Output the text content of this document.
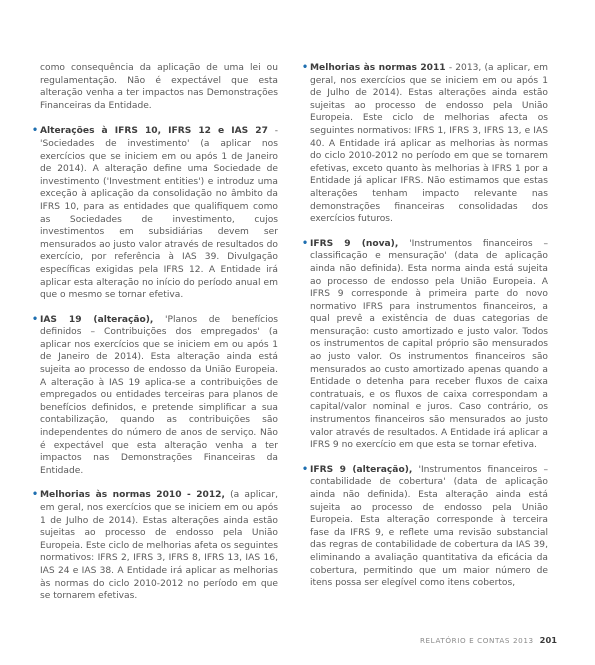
como consequência da aplicação de uma lei ou regulamentação. Não é expectável que esta alteração venha a ter impactos nas Demonstrações Financeiras da Entidade.

• Alterações à IFRS 10, IFRS 12 e IAS 27 - 'Sociedades de investimento' (a aplicar nos exercícios que se iniciem em ou após 1 de Janeiro de 2014). A alteração define uma Sociedade de investimento ('Investment entities') e introduz uma exceção à aplicação da consolidação no âmbito da IFRS 10, para as entidades que qualifiquem como as Sociedades de investimento, cujos investimentos em subsidiárias devem ser mensurados ao justo valor através de resultados do exercício, por referência à IAS 39. Divulgação específicas exigidas pela IFRS 12. A Entidade irá aplicar esta alteração no início do período anual em que o mesmo se tornar efetiva.

• IAS 19 (alteração), 'Planos de benefícios definidos – Contribuições dos empregados' (a aplicar nos exercícios que se iniciem em ou após 1 de Janeiro de 2014). Esta alteração ainda está sujeita ao processo de endosso da União Europeia. A alteração à IAS 19 aplica-se a contribuições de empregados ou entidades terceiras para planos de benefícios definidos, e pretende simplificar a sua contabilização, quando as contribuições são independentes do número de anos de serviço. Não é expectável que esta alteração venha a ter impactos nas Demonstrações Financeiras da Entidade.

• Melhorias às normas 2010 - 2012, (a aplicar, em geral, nos exercícios que se iniciem em ou após 1 de Julho de 2014). Estas alterações ainda estão sujeitas ao processo de endosso pela União Europeia. Este ciclo de melhorias afeta os seguintes normativos: IFRS 2, IFRS 3, IFRS 8, IFRS 13, IAS 16, IAS 24 e IAS 38. A Entidade irá aplicar as melhorias às normas do ciclo 2010-2012 no período em que se tornarem efetivas.

• Melhorias às normas 2011 - 2013, (a aplicar, em geral, nos exercícios que se iniciem em ou após 1 de Julho de 2014). Estas alterações ainda estão sujeitas ao processo de endosso pela União Europeia. Este ciclo de melhorias afecta os seguintes normativos: IFRS 1, IFRS 3, IFRS 13, e IAS 40. A Entidade irá aplicar as melhorias às normas do ciclo 2010-2012 no período em que se tornarem efetivas, exceto quanto às melhorias à IFRS 1 por a Entidade já aplicar IFRS. Não estimamos que estas alterações tenham impacto relevante nas demonstrações financeiras consolidadas dos exercícios futuros.

• IFRS 9 (nova), 'Instrumentos financeiros – classificação e mensuração' (data de aplicação ainda não definida). Esta norma ainda está sujeita ao processo de endosso pela União Europeia. A IFRS 9 corresponde à primeira parte do novo normativo IFRS para instrumentos financeiros, a qual prevê a existência de duas categorias de mensuração: custo amortizado e justo valor. Todos os instrumentos de capital próprio são mensurados ao justo valor. Os instrumentos financeiros são mensurados ao custo amortizado apenas quando a Entidade o detenha para receber fluxos de caixa contratuais, e os fluxos de caixa correspondam a capital/valor nominal e juros. Caso contrário, os instrumentos financeiros são mensurados ao justo valor através de resultados. A Entidade irá aplicar a IFRS 9 no exercício em que esta se tornar efetiva.

• IFRS 9 (alteração), 'Instrumentos financeiros – contabilidade de cobertura' (data de aplicação ainda não definida). Esta alteração ainda está sujeita ao processo de endosso pela União Europeia. Esta alteração corresponde à terceira fase da IFRS 9, e reflete uma revisão substancial das regras de contabilidade de cobertura da IAS 39, eliminando a avaliação quantitativa da eficácia da cobertura, permitindo que um maior número de itens possa ser elegível como itens cobertos,

RELATÓRIO E CONTAS 2013 201
